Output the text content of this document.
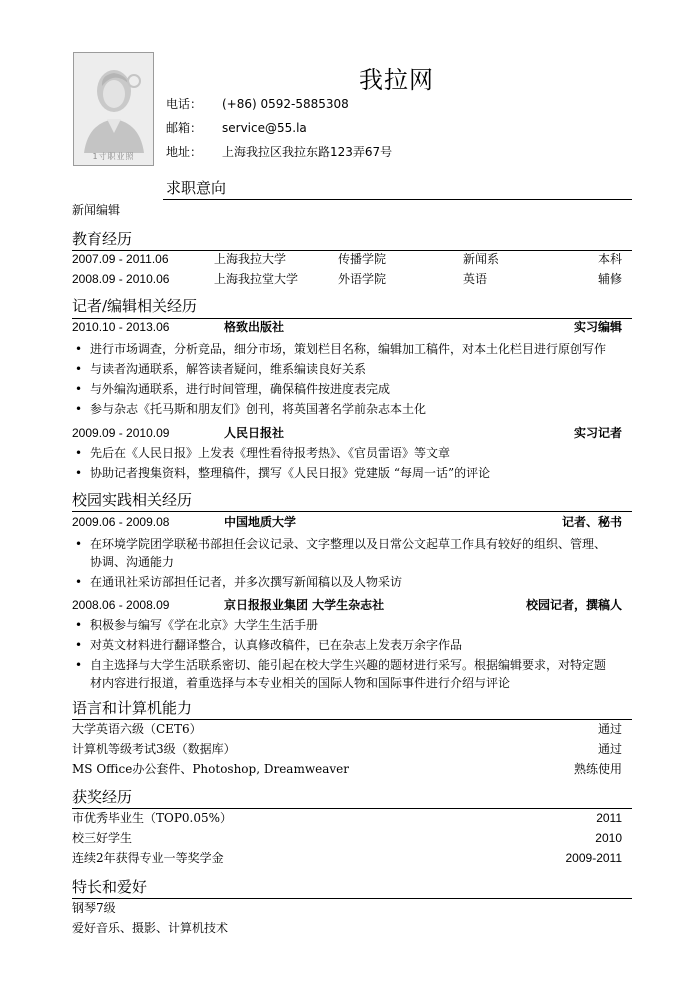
1寸职业照
我拉网
电话： (+86) 0592-5885308
邮箱： service@55.la
地址： 上海我拉区我拉东路123弄67号
求职意向
新闻编辑
教育经历
2007.09 - 2011.06	上海我拉大学	传播学院	新闻系	本科
2008.09 - 2010.06	上海我拉堂大学	外语学院	英语	辅修
记者/编辑相关经历
2010.10 - 2013.06	格致出版社	实习编辑
• 进行市场调查，分析竞品，细分市场，策划栏目名称，编辑加工稿件，对本土化栏目进行原创写作
• 与读者沟通联系，解答读者疑问，维系编读良好关系
• 与外编沟通联系，进行时间管理，确保稿件按进度表完成
• 参与杂志《托马斯和朋友们》创刊，将英国著名学前杂志本土化
2009.09 - 2010.09	人民日报社	实习记者
• 先后在《人民日报》上发表《理性看待报考热》、《官员雷语》等文章
• 协助记者搜集资料，整理稿件，撰写《人民日报》党建版 “每周一话”的评论
校园实践相关经历
2009.06 - 2009.08	中国地质大学	记者、秘书
• 在环境学院团学联秘书部担任会议记录、文字整理以及日常公文起草工作具有较好的组织、管理、
协调、沟通能力
• 在通讯社采访部担任记者，并多次撰写新闻稿以及人物采访
2008.06 - 2008.09	京日报报业集团 大学生杂志社	校园记者，撰稿人
• 积极参与编写《学在北京》大学生生活手册
• 对英文材料进行翻译整合，认真修改稿件，已在杂志上发表万余字作品
• 自主选择与大学生活联系密切、能引起在校大学生兴趣的题材进行采写。根据编辑要求，对特定题
材内容进行报道，着重选择与本专业相关的国际人物和国际事件进行介绍与评论
语言和计算机能力
大学英语六级（CET6）	通过
计算机等级考试3级（数据库）	通过
MS Office办公套件、Photoshop, Dreamweaver	熟练使用
获奖经历
市优秀毕业生（TOP0.05%）	2011
校三好学生	2010
连续2年获得专业一等奖学金	2009-2011
特长和爱好
钢琴7级
爱好音乐、摄影、计算机技术
